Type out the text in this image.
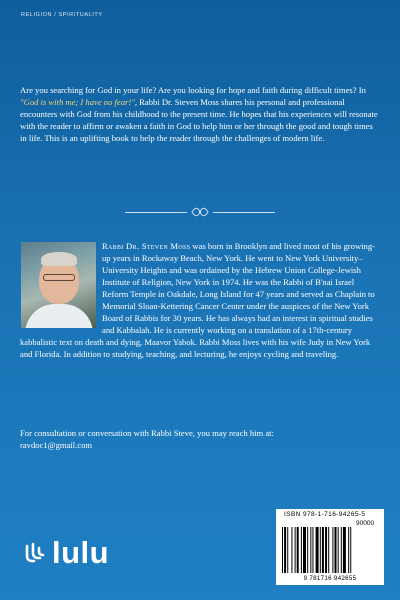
RELIGION / SPIRITUALITY
Are you searching for God in your life? Are you looking for hope and faith during difficult times? In "God is with me; I have no fear!", Rabbi Dr. Steven Moss shares his personal and professional encounters with God from his childhood to the present time. He hopes that his experiences will resonate with the reader to affirm or awaken a faith in God to help him or her through the good and tough times in life. This is an uplifting book to help the reader through the challenges of modern life.
Rabbi Dr. Steven Moss was born in Brooklyn and lived most of his growing-up years in Rockaway Beach, New York. He went to New York University–University Heights and was ordained by the Hebrew Union College-Jewish Institute of Religion, New York in 1974. He was the Rabbi of B'nai Israel Reform Temple in Oakdale, Long Island for 47 years and served as Chaplain to Memorial Sloan-Kettering Cancer Center under the auspices of the New York Board of Rabbis for 30 years. He has always had an interest in spiritual studies and Kabbalah. He is currently working on a translation of a 17th-century kabbalistic text on death and dying, Maavor Yabok. Rabbi Moss lives with his wife Judy in New York and Florida. In addition to studying, teaching, and lecturing, he enjoys cycling and traveling.
For consultation or conversation with Rabbi Steve, you may reach him at:
ravdoc1@gmail.com
lulu
ISBN 978-1-716-94265-5
90000
9 781716 942655
